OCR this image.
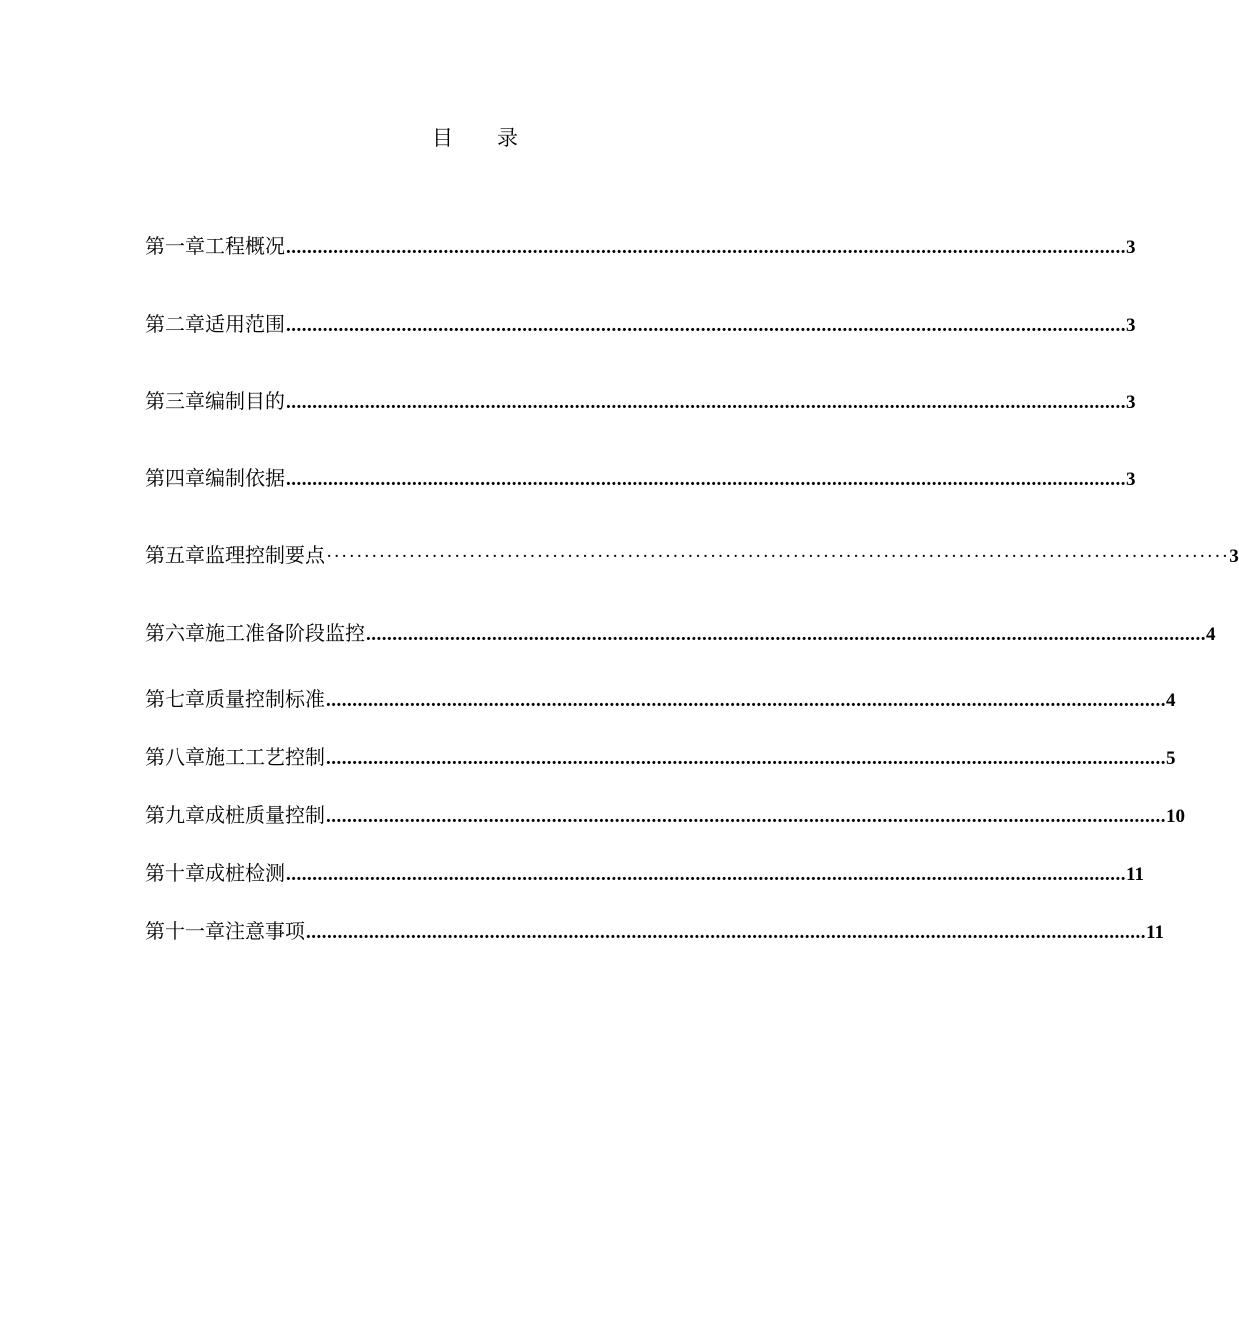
目 录
第一章 工程概况 ................................................................................................................................................................ 3
第二章 适用范围 ................................................................................................................................................................ 3
第三章 编制目的 ................................................................................................................................................................ 3
第四章 编制依据 ................................................................................................................................................................ 3
第五章 监理控制要点 ························································································································ 3
第六章 施工准备阶段监控 ................................................................................................................................................................ 4
第七章 质量控制标准 ................................................................................................................................................................ 4
第八章 施工工艺控制 ................................................................................................................................................................ 5
第九章 成桩质量控制 ................................................................................................................................................................ 10
第十章 成桩检测 ................................................................................................................................................................ 11
第十一章 注意事项 ................................................................................................................................................................ 11
